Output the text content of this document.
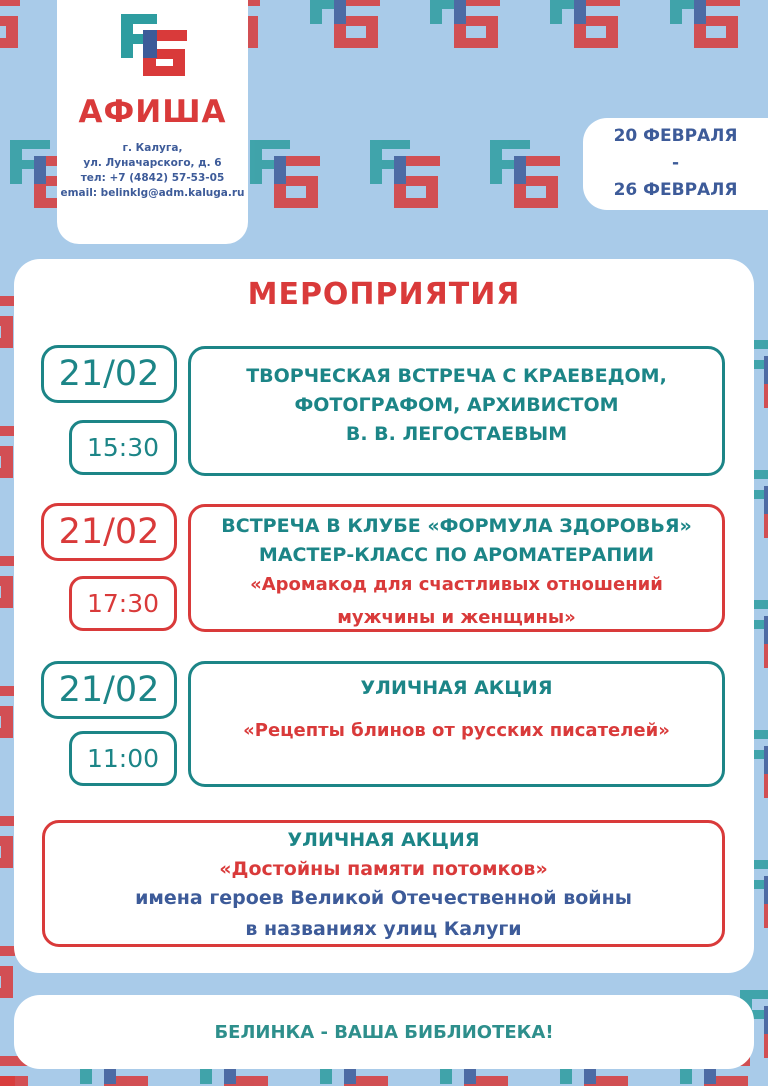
АФИША
г. Калуга,
ул. Луначарского, д. 6
тел: +7 (4842) 57-53-05
email: belinklg@adm.kaluga.ru
20 ФЕВРАЛЯ
-
26 ФЕВРАЛЯ
МЕРОПРИЯТИЯ
21/02
15:30
ТВОРЧЕСКАЯ ВСТРЕЧА С КРАЕВЕДОМ,
ФОТОГРАФОМ, АРХИВИСТОМ
В. В. ЛЕГОСТАЕВЫМ
21/02
17:30
ВСТРЕЧА В КЛУБЕ «ФОРМУЛА ЗДОРОВЬЯ»
МАСТЕР-КЛАСС ПО АРОМАТЕРАПИИ
«Аромакод для счастливых отношений
мужчины и женщины»
21/02
11:00
УЛИЧНАЯ АКЦИЯ
«Рецепты блинов от русских писателей»
УЛИЧНАЯ АКЦИЯ
«Достойны памяти потомков»
имена героев Великой Отечественной войны
в названиях улиц Калуги
БЕЛИНКА - ВАША БИБЛИОТЕКА!
